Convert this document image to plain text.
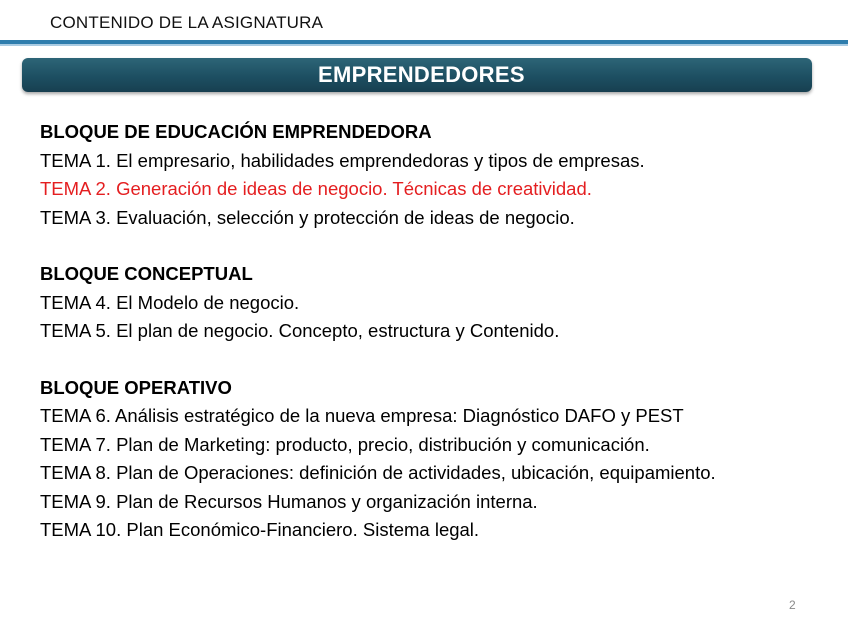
CONTENIDO DE LA ASIGNATURA
EMPRENDEDORES
BLOQUE DE EDUCACIÓN EMPRENDEDORA
TEMA 1. El empresario, habilidades emprendedoras y tipos de empresas.
TEMA 2. Generación de ideas de negocio. Técnicas de creatividad.
TEMA 3. Evaluación, selección y protección de ideas de negocio.
BLOQUE CONCEPTUAL
TEMA 4. El Modelo de negocio.
TEMA 5. El plan de negocio. Concepto, estructura y Contenido.
BLOQUE OPERATIVO
TEMA 6. Análisis estratégico de la nueva empresa: Diagnóstico DAFO y PEST
TEMA 7. Plan de Marketing: producto, precio, distribución y comunicación.
TEMA 8. Plan de Operaciones: definición de actividades, ubicación, equipamiento.
TEMA 9. Plan de Recursos Humanos y organización interna.
TEMA 10. Plan Económico-Financiero. Sistema legal.
2
